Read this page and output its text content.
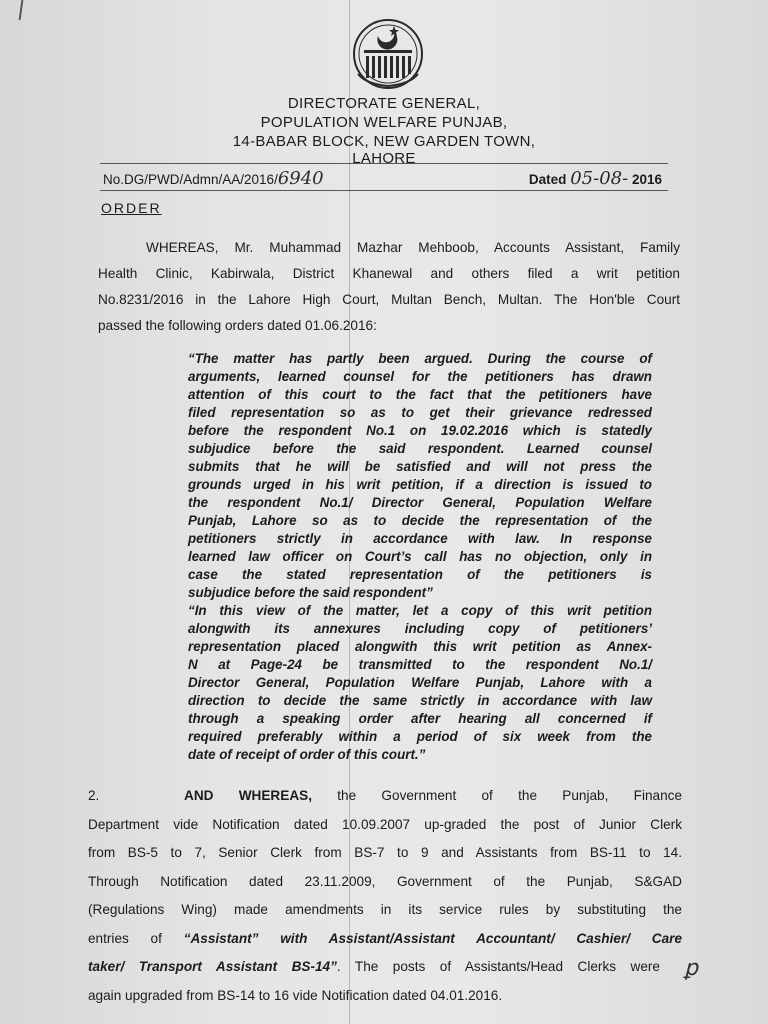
DIRECTORATE GENERAL,
POPULATION WELFARE PUNJAB,
14-BABAR BLOCK, NEW GARDEN TOWN,
LAHORE
No.DG/PWD/Admn/AA/2016/6940	Dated 05-08- 2016
ORDER
WHEREAS, Mr. Muhammad Mazhar Mehboob, Accounts Assistant, Family
Health Clinic, Kabirwala, District Khanewal and others filed a writ petition
No.8231/2016 in the Lahore High Court, Multan Bench, Multan. The Hon'ble Court
passed the following orders dated 01.06.2016:
“The matter has partly been argued. During the course of
arguments, learned counsel for the petitioners has drawn
attention of this court to the fact that the petitioners have
filed representation so as to get their grievance redressed
before the respondent No.1 on 19.02.2016 which is statedly
subjudice before the said respondent. Learned counsel
submits that he will be satisfied and will not press the
grounds urged in his writ petition, if a direction is issued to
the respondent No.1/ Director General, Population Welfare
Punjab, Lahore so as to decide the representation of the
petitioners strictly in accordance with law. In response
learned law officer on Court’s call has no objection, only in
case the stated representation of the petitioners is
subjudice before the said respondent”
“In this view of the matter, let a copy of this writ petition
alongwith its annexures including copy of petitioners’
representation placed alongwith this writ petition as Annex-
N at Page-24 be transmitted to the respondent No.1/
Director General, Population Welfare Punjab, Lahore with a
direction to decide the same strictly in accordance with law
through a speaking order after hearing all concerned if
required preferably within a period of six week from the
date of receipt of order of this court.”
2.	AND WHEREAS, the Government of the Punjab, Finance
Department vide Notification dated 10.09.2007 up-graded the post of Junior Clerk
from BS-5 to 7, Senior Clerk from BS-7 to 9 and Assistants from BS-11 to 14.
Through Notification dated 23.11.2009, Government of the Punjab, S&GAD
(Regulations Wing) made amendments in its service rules by substituting the
entries of “Assistant” with Assistant/Assistant Accountant/ Cashier/ Care
taker/ Transport Assistant BS-14”. The posts of Assistants/Head Clerks were
again upgraded from BS-14 to 16 vide Notification dated 04.01.2016.
ꝑ
